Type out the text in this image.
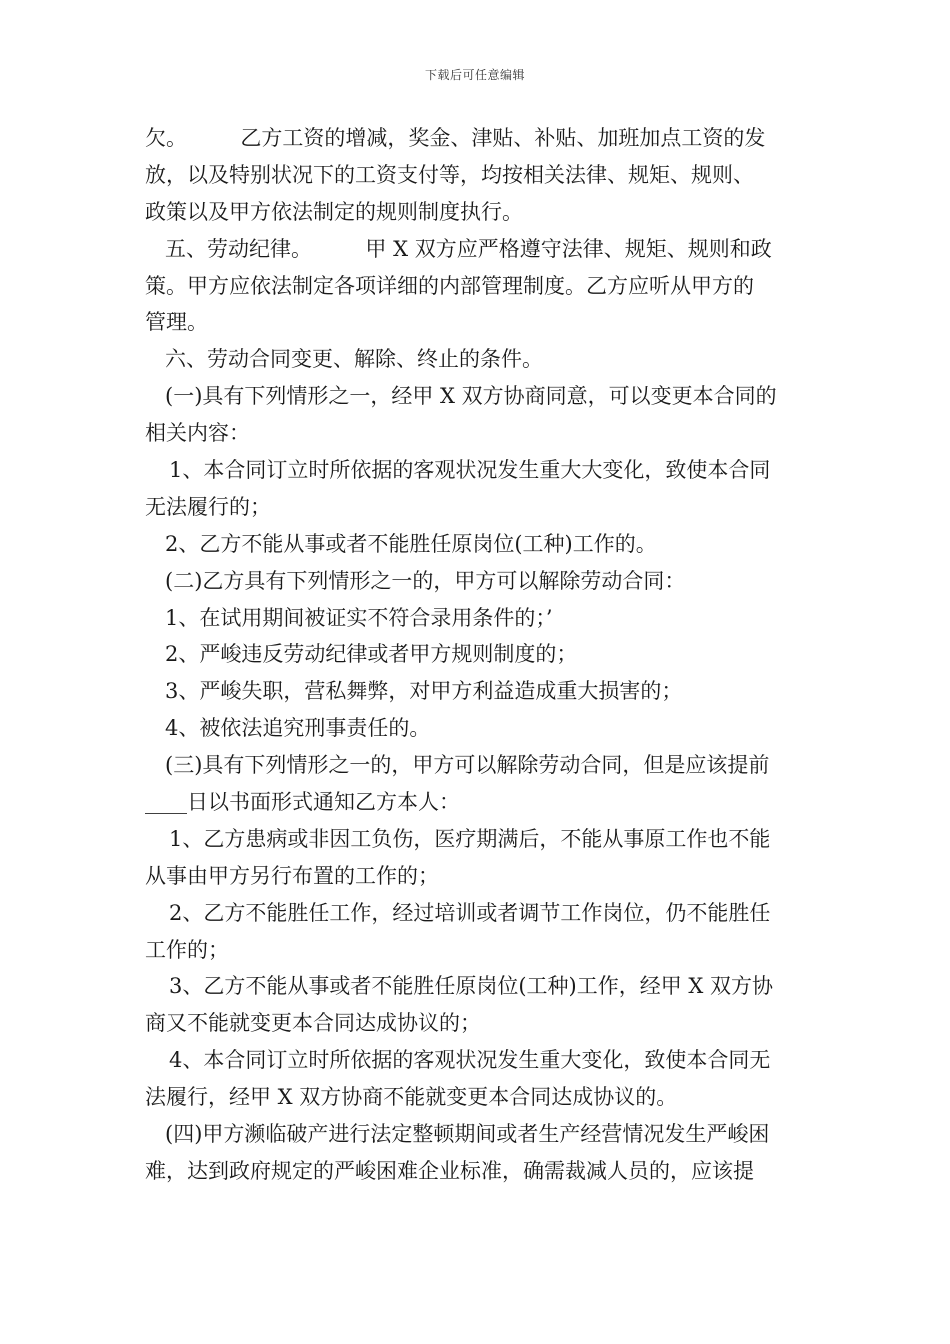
下载后可任意编辑
欠。        乙方工资的增减，奖金、津贴、补贴、加班加点工资的发
放，以及特别状况下的工资支付等，均按相关法律、规矩、规则、
政策以及甲方依法制定的规则制度执行。
五、劳动纪律。        甲 X 双方应严格遵守法律、规矩、规则和政
策。甲方应依法制定各项详细的内部管理制度。乙方应听从甲方的
管理。
六、劳动合同变更、解除、终止的条件。
(一)具有下列情形之一，经甲 X 双方协商同意，可以变更本合同的
相关内容：
1、本合同订立时所依据的客观状况发生重大大变化，致使本合同
无法履行的；
2、乙方不能从事或者不能胜任原岗位(工种)工作的。
(二)乙方具有下列情形之一的，甲方可以解除劳动合同：
1、在试用期间被证实不符合录用条件的；’
2、严峻违反劳动纪律或者甲方规则制度的；
3、严峻失职，营私舞弊，对甲方利益造成重大损害的；
4、被依法追究刑事责任的。
(三)具有下列情形之一的，甲方可以解除劳动合同，但是应该提前
____日以书面形式通知乙方本人：
1、乙方患病或非因工负伤，医疗期满后，不能从事原工作也不能
从事由甲方另行布置的工作的；
2、乙方不能胜任工作，经过培训或者调节工作岗位，仍不能胜任
工作的；
3、乙方不能从事或者不能胜任原岗位(工种)工作，经甲 X 双方协
商又不能就变更本合同达成协议的；
4、本合同订立时所依据的客观状况发生重大变化，致使本合同无
法履行，经甲 X 双方协商不能就变更本合同达成协议的。
(四)甲方濒临破产进行法定整顿期间或者生产经营情况发生严峻困
难，达到政府规定的严峻困难企业标准，确需裁减人员的，应该提
